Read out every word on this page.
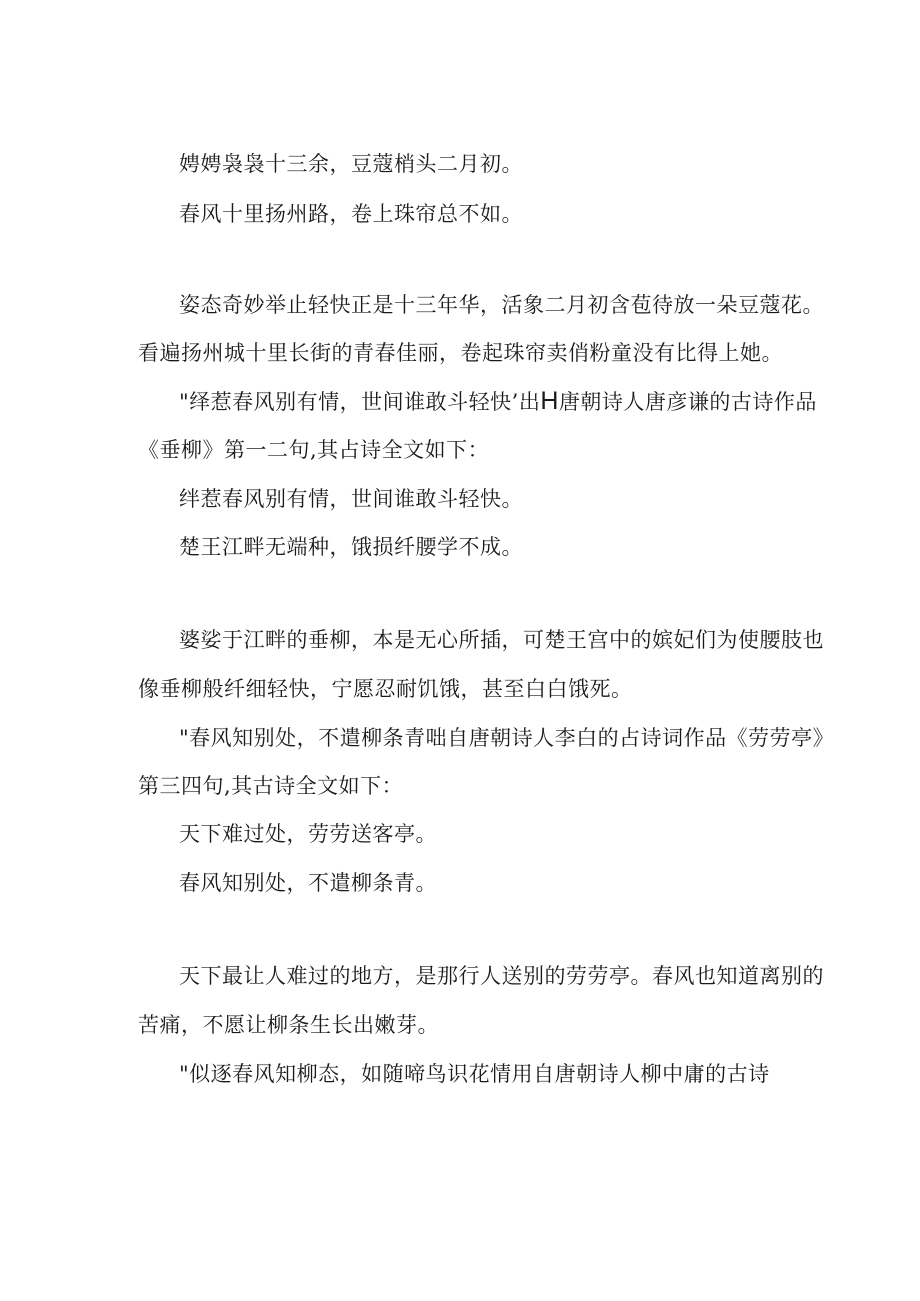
娉娉袅袅十三余，豆蔻梢头二月初。
春风十里扬州路，卷上珠帘总不如。
姿态奇妙举止轻快正是十三年华，活象二月初含苞待放一朵豆蔻花。
看遍扬州城十里长街的青春佳丽，卷起珠帘卖俏粉童没有比得上她。
"绎惹春风别有情，世间谁敢斗轻快’出H唐朝诗人唐彦谦的古诗作品
《垂柳》第一二句,其占诗全文如下：
绊惹春风别有情，世间谁敢斗轻快。
楚王江畔无端种，饿损纤腰学不成。
婆娑于江畔的垂柳，本是无心所插，可楚王宫中的嫔妃们为使腰肢也
像垂柳般纤细轻快，宁愿忍耐饥饿，甚至白白饿死。
"春风知别处，不遣柳条青咄自唐朝诗人李白的占诗词作品《劳劳亭》
第三四句,其古诗全文如下：
天下难过处，劳劳送客亭。
春风知别处，不遣柳条青。
天下最让人难过的地方，是那行人送别的劳劳亭。春风也知道离别的
苦痛，不愿让柳条生长出嫩芽。
"似逐春风知柳态，如随啼鸟识花情用自唐朝诗人柳中庸的古诗
